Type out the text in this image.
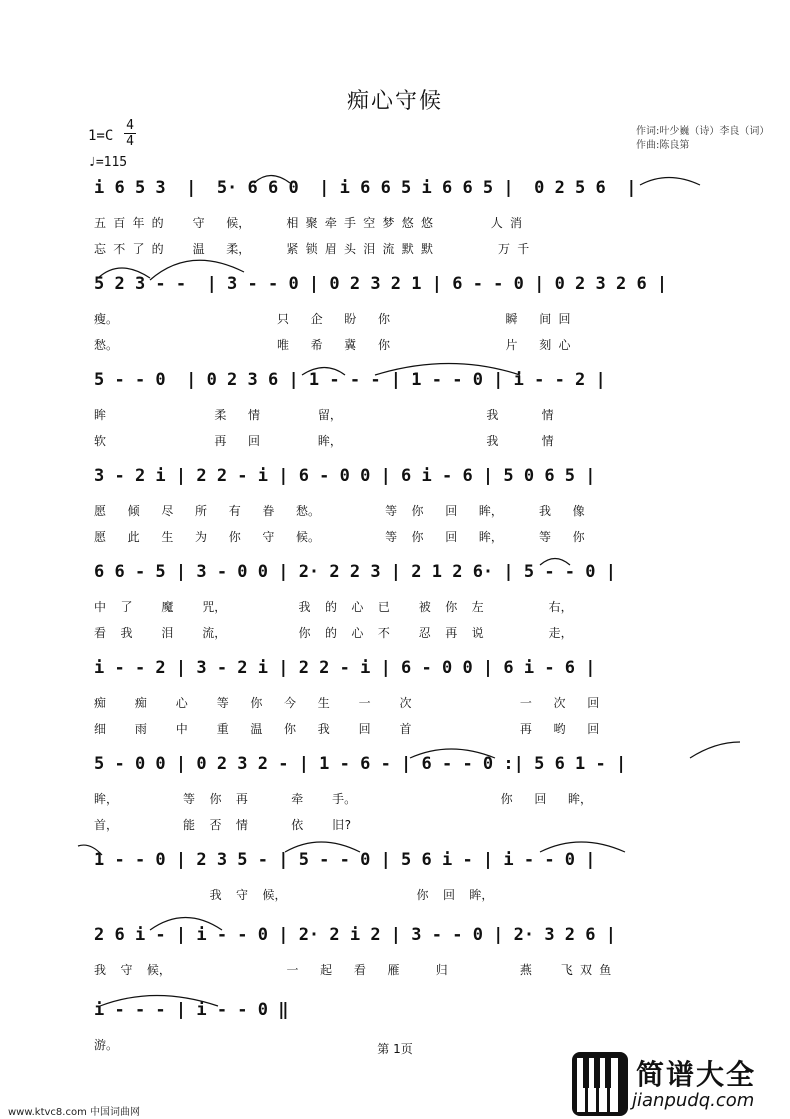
痴心守候
1=C
4
4
♩=115
作词:叶少巍（诗）李良（词）
作曲:陈良第
i 6 5 3  |  5· 6 6 0  | i 6 6 5 i 6 6 5 |  0 2 5 6  |
五 百 年 的    守   候，     相 聚 牵 手 空 梦 悠 悠        人 消
忘 不 了 的    温   柔，     紧 锁 眉 头 泪 流 默 默         万 千
5 2 3 - -  | 3 - - 0 | 0 2 3 2 1 | 6 - - 0 | 0 2 3 2 6 |
瘦。                      只   企   盼   你                瞬   间 回
愁。                      唯   希   冀   你                片   刻 心
5 - - 0  | 0 2 3 6 | 1 - - - | 1 - - 0 | i - - 2 |
眸               柔   情        留，                    我      情
软               再   回        眸，                    我      情
3 - 2 i | 2 2 - i | 6 - 0 0 | 6 i - 6 | 5 0 6 5 |
愿   倾   尽   所   有   眷   愁。         等  你   回   眸，     我   像
愿   此   生   为   你   守   候。         等  你   回   眸，     等   你
6 6 - 5 | 3 - 0 0 | 2· 2 2 3 | 2 1 2 6· | 5 - - 0 |
中  了    魔    咒，          我  的  心  已    被  你  左         右，
看  我    泪    流，          你  的  心  不    忍  再  说         走，
i - - 2 | 3 - 2 i | 2 2 - i | 6 - 0 0 | 6 i - 6 |
痴    痴    心    等   你   今   生    一    次               一   次   回
细    雨    中    重   温   你   我    回    首               再   哟   回
5 - 0 0 | 0 2 3 2 - | 1 - 6 - | 6 - - 0 :| 5 6 1 - |
眸，         等  你  再      牵    手。                    你   回   眸，
首，         能  否  情      依    旧?
1 - - 0 | 2 3 5 - | 5 - - 0 | 5 6 i - | i - - 0 |
我  守  候，                  你  回  眸，
2 6 i - | i - - 0 | 2· 2 i 2 | 3 - - 0 | 2· 3 2 6 |
我  守  候，                一   起   看   雁     归          燕    飞 双 鱼
i - - - | i - - 0 ‖
游。	第 1页
www.ktvc8.com 中国词曲网
简谱大全
jianpudq.com
